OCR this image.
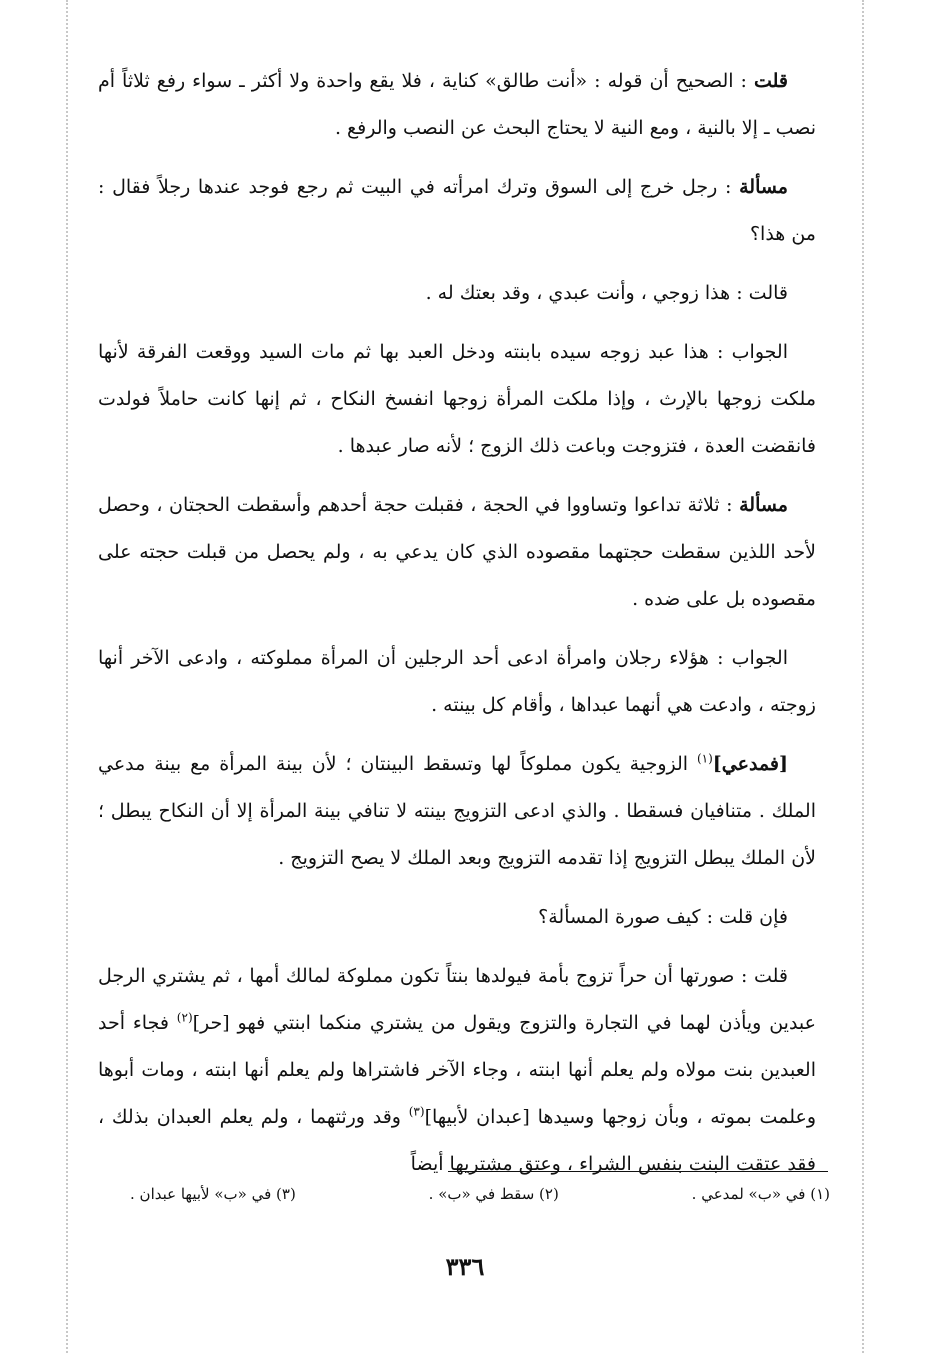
قلت : الصحيح أن قوله : «أنت طالق» كناية ، فلا يقع واحدة ولا أكثر ـ سواء رفع ثلاثاً أم نصب ـ إلا بالنية ، ومع النية لا يحتاج البحث عن النصب والرفع .

مسألة : رجل خرج إلى السوق وترك امرأته في البيت ثم رجع فوجد عندها رجلاً فقال : من هذا؟

قالت : هذا زوجي ، وأنت عبدي ، وقد بعتك له .

الجواب : هذا عبد زوجه سيده بابنته ودخل العبد بها ثم مات السيد ووقعت الفرقة لأنها ملكت زوجها بالإرث ، وإذا ملكت المرأة زوجها انفسخ النكاح ، ثم إنها كانت حاملاً فولدت فانقضت العدة ، فتزوجت وباعت ذلك الزوج ؛ لأنه صار عبدها .

مسألة : ثلاثة تداعوا وتساووا في الحجة ، فقبلت حجة أحدهم وأسقطت الحجتان ، وحصل لأحد اللذين سقطت حجتهما مقصوده الذي كان يدعي به ، ولم يحصل من قبلت حجته على مقصوده بل على ضده .

الجواب : هؤلاء رجلان وامرأة ادعى أحد الرجلين أن المرأة مملوكته ، وادعى الآخر أنها زوجته ، وادعت هي أنهما عبداها ، وأقام كل بينته .

[فمدعي]$^{(١)}$ الزوجية يكون مملوكاً لها وتسقط البينتان ؛ لأن بينة المرأة مع بينة مدعي الملك . متنافيان فسقطا . والذي ادعى التزويج بينته لا تنافي بينة المرأة إلا أن النكاح يبطل ؛ لأن الملك يبطل التزويج إذا تقدمه التزويج وبعد الملك لا يصح التزويج .

فإن قلت : كيف صورة المسألة؟

قلت : صورتها أن حراً تزوج بأمة فيولدها بنتاً تكون مملوكة لمالك أمها ، ثم يشتري الرجل عبدين ويأذن لهما في التجارة والتزوج ويقول من يشتري منكما ابنتي فهو [حر]$^{(٢)}$ فجاء أحد العبدين بنت مولاه ولم يعلم أنها ابنته ، وجاء الآخر فاشتراها ولم يعلم أنها ابنته ، ومات أبوها وعلمت بموته ، وبأن زوجها وسيدها [عبدان لأبيها]$^{(٣)}$ وقد ورثتهما ، ولم يعلم العبدان بذلك ، فقد عتقت البنت بنفس الشراء ، وعتق مشتريها أيضاً

(١) في «ب» لمدعي .
(٢) سقط في «ب» .
(٣) في «ب» لأبيها عبدان .
٣٣٦
